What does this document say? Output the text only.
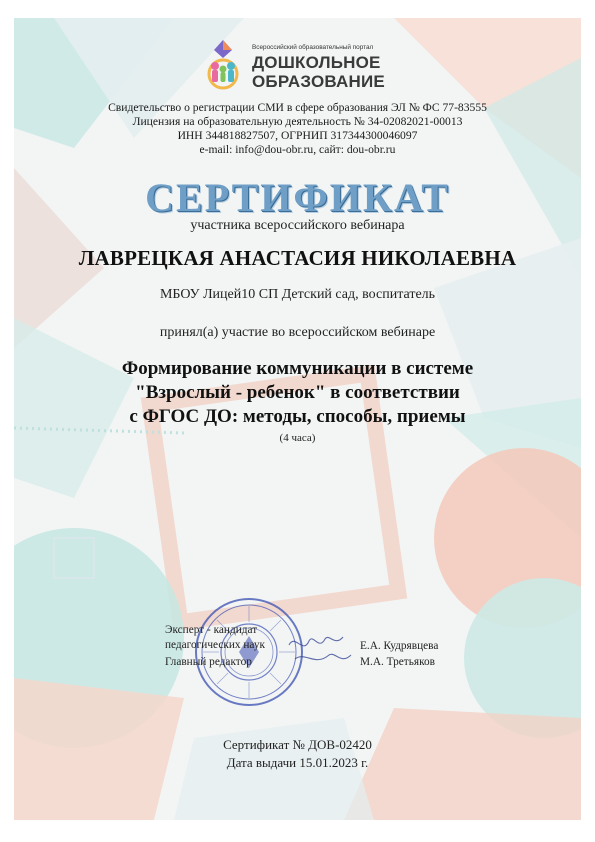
Всероссийский образовательный портал
ДОШКОЛЬНОЕ
ОБРАЗОВАНИЕ
Свидетельство о регистрации СМИ в сфере образования ЭЛ № ФС 77-83555
Лицензия на образовательную деятельность № 34-02082021-00013
ИНН 344818827507, ОГРНИП 317344300046097
e-mail: info@dou-obr.ru, сайт: dou-obr.ru
СЕРТИФИКАТ
участника всероссийского вебинара
ЛАВРЕЦКАЯ АНАСТАСИЯ НИКОЛАЕВНА
МБОУ Лицей10 СП Детский сад, воспитатель
принял(а) участие во всероссийском вебинаре
Формирование коммуникации в системе
"Взрослый - ребенок" в соответствии
с ФГОС ДО: методы, способы, приемы
(4 часа)
Эксперт - кандидат
педагогических наук	Е.А. Кудрявцева
Главный редактор	М.А. Третьяков
Сертификат № ДОВ-02420
Дата выдачи 15.01.2023 г.
